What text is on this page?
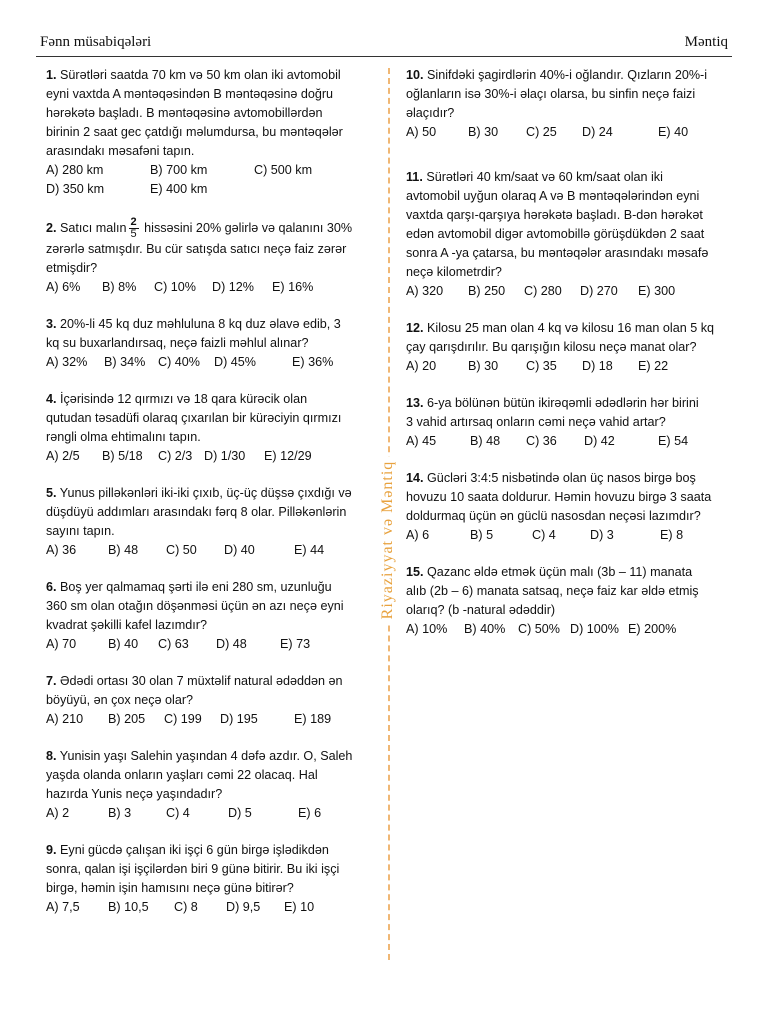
Fənn müsabiqələri	Məntiq
Riyaziyyat və Məntiq
1. Sürətləri saatda 70 km və 50 km olan iki avtomobil
eyni vaxtda A məntəqəsindən B məntəqəsinə doğru
hərəkətə başladı. B məntəqəsinə avtomobillərdən
birinin 2 saat gec çatdığı məlumdursa, bu məntəqələr
arasındakı məsafəni tapın.
A) 280 km	B) 700 km	C) 500 km
D) 350 km	E) 400 km
2. Satıcı malın $\frac{2}{5}$ hissəsini 20% gəlirlə və qalanını 30%
zərərlə satmışdır. Bu cür satışda satıcı neçə faiz zərər
etmişdir?
A) 6% B) 8% C) 10% D) 12% E) 16%
3. 20%-li 45 kq duz məhluluna 8 kq duz əlavə edib, 3
kq su buxarlandırsaq, neçə faizli məhlul alınar?
A) 32% B) 34% C) 40% D) 45%	E) 36%
4. İçərisində 12 qırmızı və 18 qara kürəcik olan
qutudan təsadüfi olaraq çıxarılan bir kürəciyin qırmızı
rəngli olma ehtimalını tapın.
A) 2/5 B) 5/18 C) 2/3 D) 1/30 E) 12/29
5. Yunus pilləkənləri iki-iki çıxıb, üç-üç düşsə çıxdığı və
düşdüyü addımları arasındakı fərq 8 olar. Pilləkənlərin
sayını tapın.
A) 36	B) 48 C) 50 D) 40	E) 44
6. Boş yer qalmamaq şərti ilə eni 280 sm, uzunluğu
360 sm olan otağın döşənməsi üçün ən azı neçə eyni
kvadrat şəkilli kafel lazımdır?
A) 70	B) 40 C) 63 D) 48	E) 73
7. Ədədi ortası 30 olan 7 müxtəlif natural ədəddən ən
böyüyü, ən çox neçə olar?
A) 210 B) 205 C) 199 D) 195	E) 189
8. Yunisin yaşı Salehin yaşından 4 dəfə azdır. O, Saleh
yaşda olanda onların yaşları cəmi 22 olacaq. Hal
hazırda Yunis neçə yaşındadır?
A) 2	B) 3	C) 4	D) 5	E) 6
9. Eyni gücdə çalışan iki işçi 6 gün birgə işlədikdən
sonra, qalan işi işçilərdən biri 9 günə bitirir. Bu iki işçi
birgə, həmin işin hamısını neçə günə bitirər?
A) 7,5 B) 10,5 C) 8 D) 9,5 E) 10
10. Sinifdəki şagirdlərin 40%-i oğlandır. Qızların 20%-i
oğlanların isə 30%-i əlaçı olarsa, bu sinfin neçə faizi
əlaçıdır?
A) 50	B) 30 C) 25 D) 24	E) 40
11. Sürətləri 40 km/saat və 60 km/saat olan iki
avtomobil uyğun olaraq A və B məntəqələrindən eyni
vaxtda qarşı-qarşıya hərəkətə başladı. B-dən hərəkət
edən avtomobil digər avtomobillə görüşdükdən 2 saat
sonra A -ya çatarsa, bu məntəqələr arasındakı məsafə
neçə kilometrdir?
A) 320 B) 250 C) 280 D) 270 E) 300
12. Kilosu 25 man olan 4 kq və kilosu 16 man olan 5 kq
çay qarışdırılır. Bu qarışığın kilosu neçə manat olar?
A) 20	B) 30 C) 35 D) 18 E) 22
13. 6-ya bölünən bütün ikirəqəmli ədədlərin hər birini
3 vahid artırsaq onların cəmi neçə vahid artar?
A) 45	B) 48 C) 36 D) 42	E) 54
14. Gücləri 3:4:5 nisbətində olan üç nasos birgə boş
hovuzu 10 saata doldurur. Həmin hovuzu birgə 3 saata
doldurmaq üçün ən güclü nasosdan neçəsi lazımdır?
A) 6	B) 5	C) 4	D) 3	E) 8
15. Qazanc əldə etmək üçün malı (3b – 11) manata
alıb (2b – 6) manata satsaq, neçə faiz kar əldə etmiş
olarıq? (b -natural ədəddir)
A) 10% B) 40% C) 50% D) 100% E) 200%
